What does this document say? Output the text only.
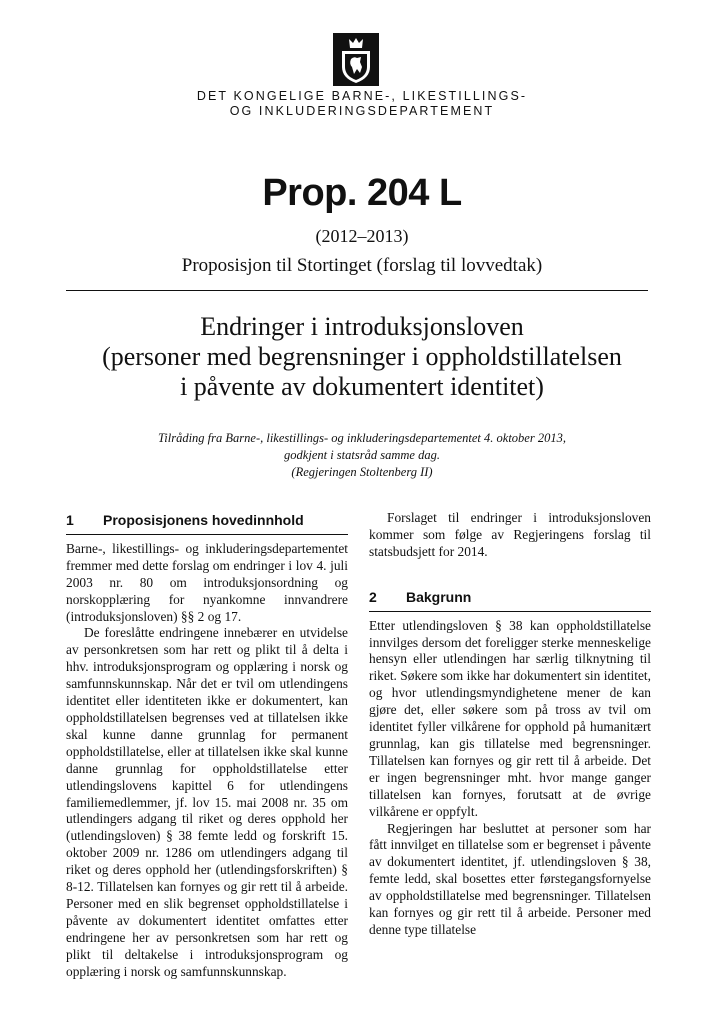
DET KONGELIGE BARNE-, LIKESTILLINGS-
OG INKLUDERINGSDEPARTEMENT
Prop. 204 L
(2012–2013)
Proposisjon til Stortinget (forslag til lovvedtak)
Endringer i introduksjonsloven
(personer med begrensninger i oppholdstillatelsen
i påvente av dokumentert identitet)
Tilråding fra Barne-, likestillings- og inkluderingsdepartementet 4. oktober 2013,
godkjent i statsråd samme dag.
(Regjeringen Stoltenberg II)
1	Proposisjonens hovedinnhold

Barne-, likestillings- og inkluderingsdepartementet fremmer med dette forslag om endringer i lov 4. juli 2003 nr. 80 om introduksjonsordning og norskopplæring for nyankomne innvandrere (introduksjonsloven) §§ 2 og 17.

De foreslåtte endringene innebærer en utvidelse av personkretsen som har rett og plikt til å delta i hhv. introduksjonsprogram og opplæring i norsk og samfunnskunnskap. Når det er tvil om utlendingens identitet eller identiteten ikke er dokumentert, kan oppholdstillatelsen begrenses ved at tillatelsen ikke skal kunne danne grunnlag for permanent oppholdstillatelse, eller at tillatelsen ikke skal kunne danne grunnlag for oppholdstillatelse etter utlendingslovens kapittel 6 for utlendingens familiemedlemmer, jf. lov 15. mai 2008 nr. 35 om utlendingers adgang til riket og deres opphold her (utlendingsloven) § 38 femte ledd og forskrift 15. oktober 2009 nr. 1286 om utlendingers adgang til riket og deres opphold her (utlendingsforskriften) § 8-12. Tillatelsen kan fornyes og gir rett til å arbeide. Personer med en slik begrenset oppholdstillatelse i påvente av dokumentert identitet omfattes etter endringene her av personkretsen som har rett og plikt til deltakelse i introduksjonsprogram og opplæring i norsk og samfunnskunnskap.

Forslaget til endringer i introduksjonsloven kommer som følge av Regjeringens forslag til statsbudsjett for 2014.

2	Bakgrunn

Etter utlendingsloven § 38 kan oppholdstillatelse innvilges dersom det foreligger sterke menneskelige hensyn eller utlendingen har særlig tilknytning til riket. Søkere som ikke har dokumentert sin identitet, og hvor utlendingsmyndighetene mener de kan gjøre det, eller søkere som på tross av tvil om identitet fyller vilkårene for opphold på humanitært grunnlag, kan gis tillatelse med begrensninger. Tillatelsen kan fornyes og gir rett til å arbeide. Det er ingen begrensninger mht. hvor mange ganger tillatelsen kan fornyes, forutsatt at de øvrige vilkårene er oppfylt.

Regjeringen har besluttet at personer som har fått innvilget en tillatelse som er begrenset i påvente av dokumentert identitet, jf. utlendingsloven § 38, femte ledd, skal bosettes etter førstegangsfornyelse av oppholdstillatelse med begrensninger. Tillatelsen kan fornyes og gir rett til å arbeide. Personer med denne type tillatelse
